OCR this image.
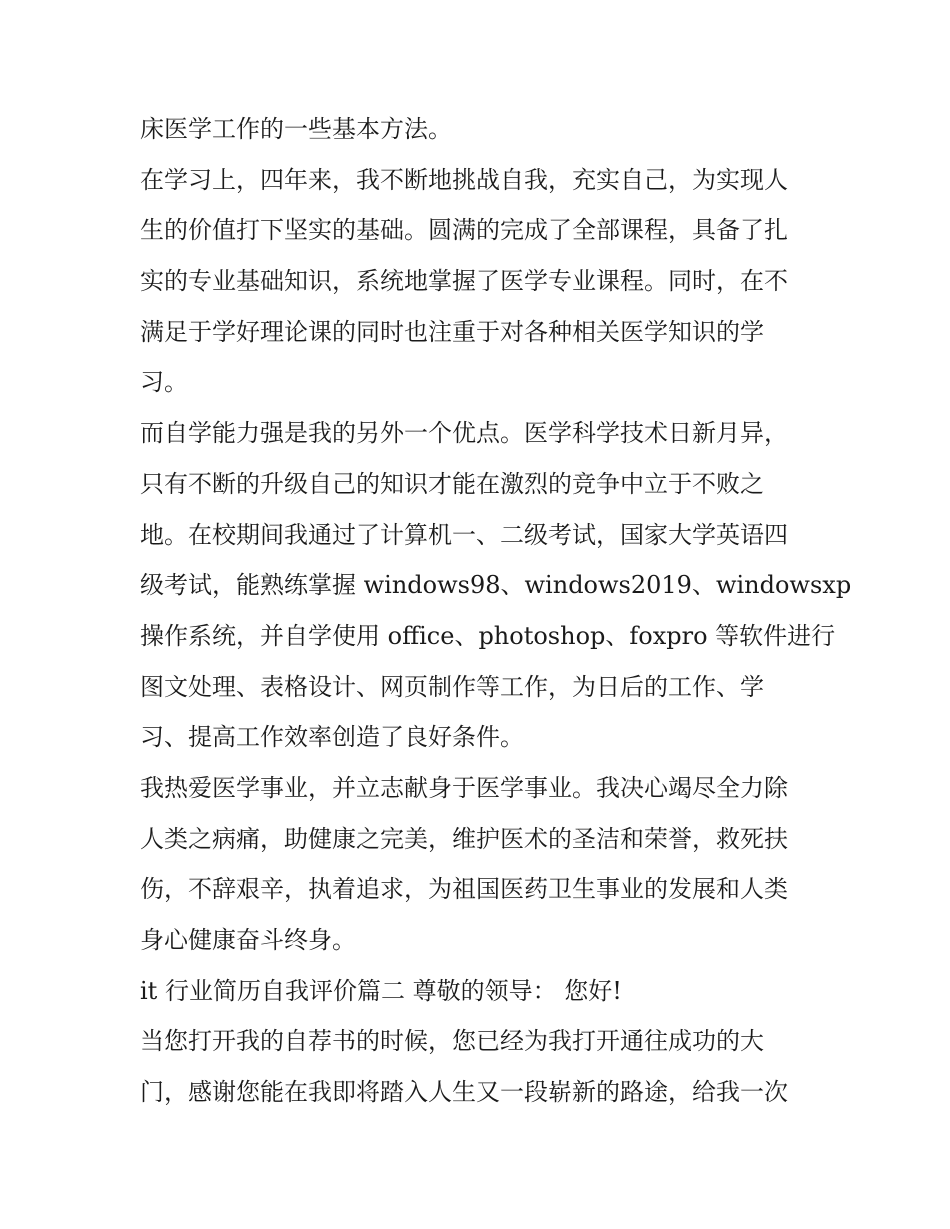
床医学工作的一些基本方法。
在学习上，四年来，我不断地挑战自我，充实自己，为实现人
生的价值打下坚实的基础。圆满的完成了全部课程，具备了扎
实的专业基础知识，系统地掌握了医学专业课程。同时，在不
满足于学好理论课的同时也注重于对各种相关医学知识的学
习。
而自学能力强是我的另外一个优点。医学科学技术日新月异，
只有不断的升级自己的知识才能在激烈的竞争中立于不败之
地。在校期间我通过了计算机一、二级考试，国家大学英语四
级考试，能熟练掌握 windows98、windows2019、windowsxp
操作系统，并自学使用 office、photoshop、foxpro 等软件进行
图文处理、表格设计、网页制作等工作，为日后的工作、学
习、提高工作效率创造了良好条件。
我热爱医学事业，并立志献身于医学事业。我决心竭尽全力除
人类之病痛，助健康之完美，维护医术的圣洁和荣誉，救死扶
伤，不辞艰辛，执着追求，为祖国医药卫生事业的发展和人类
身心健康奋斗终身。
it 行业简历自我评价篇二 尊敬的领导： 您好!
当您打开我的自荐书的时候，您已经为我打开通往成功的大
门，感谢您能在我即将踏入人生又一段崭新的路途，给我一次
